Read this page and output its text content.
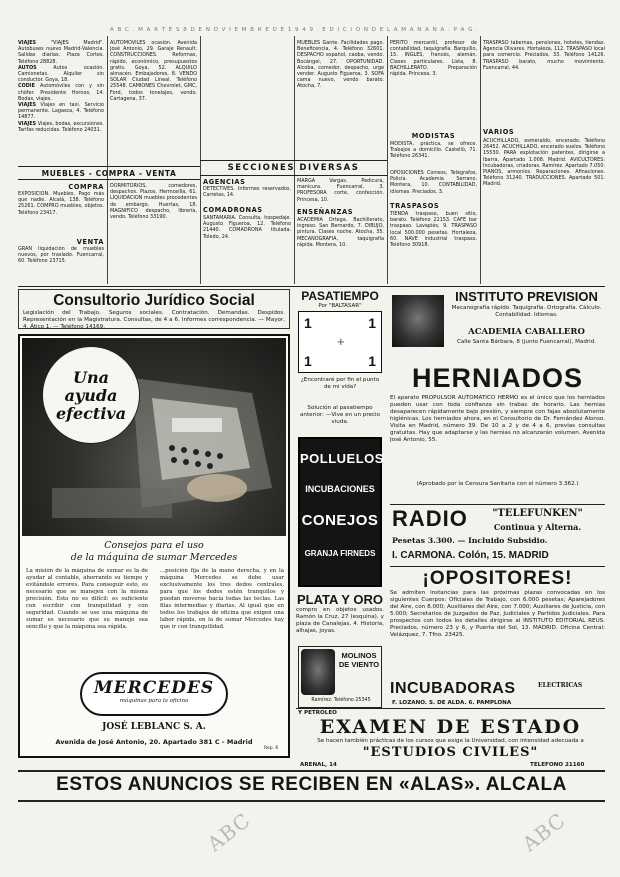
A B C . M A R T E S 8 D E N O V I E M B R E D E 1 9 4 9 . E D I C I O N D E L A M A Ñ A N A . P A G .

VIAJES	"VIAJES Madrid". Autobuses nuevo Madrid-Valencia. Salidas diarias. Plaza Cortes. Teléfono 28828.

AUTOS	Autos ocasión. Camionetas. Alquiler sin conductor. Goya, 18.

CODIE Automóviles con y sin chófer. Presidente Hornos, 14. Bodas, viajes.

VIAJES Viajes en taxi. Servicio permanente. Lagasca, 4. Teléfono 14877.

VIAJES Viajes, bodas, excursiones. Tarifas reducidas. Teléfono 24031.

AUTOMOVILES ocasión. Avenida José Antonio, 29. Garaje Renault. CONSTRUCCIONES. Reformas, rápido, económico, presupuestos gratis. Goya, 52. ALQUILO almacén. Embajadores, 8. VENDO SOLAR Ciudad Lineal. Teléfono 25548. CAMIONES Chevrolet, GMC, Ford, todos tonelajes, vendo. Cartagena, 37.

MUEBLES Gante. Facilidades pago. Beneficencia, 4. Teléfono 32601. DESPACHO español, caoba, vendo. Bocángel, 27. OPORTUNIDAD. Alcoba, comedor, despacho, urge vender. Augusto Figueroa, 3. SOFA cama nuevo, vendo barato. Atocha, 7.

PERITO mercantil, profesor de contabilidad, taquigrafía. Barquillo, 15. INGLES, francés, alemán. Clases particulares. Lista, 8. BACHILLERATO. Preparación rápida. Princesa, 3.

MODISTAS

MODISTA, práctica, se ofrece. Trabajos a domicilio. Castelló, 71. Teléfono 26341.

TRASPASO tabernas, pensiones, hoteles, tiendas. Agencia Olivares. Hortaleza, 112. TRASPASO local para comercio. Preciados, 33. Teléfono 14126. TRASPASO barato, mucho movimiento. Fuencarral, 44.

VARIOS

ACUCHILLADO, esmeraldo, encerado. Teléfono 26452. ACUCHILLADO, encerado suelos. Teléfono 15530. PARA explotación patentes, dirigirse a Ibarra, Apartado 1.008. Madrid. AVICULTORES: Incubadoras, criadoras. Ramírez. Apartado 7.050. PIANOS, armonios. Reparaciones. Afinaciones. Teléfono 31240. TRADUCCIONES. Apartado 501. Madrid.

MUEBLES - COMPRA - VENTA
COMPRA

EXPOSICION. Muebles. Pago más que nadie. Alcalá, 138. Teléfono 25261. COMPRO muebles, objetos. Teléfono 23417.

VENTA

GRAN liquidación de muebles nuevos, por traslado. Fuencarral, 60. Teléfono 23715.

DORMITORIOS, comedores, despachos. Plazos. Hermosilla, 61. LIQUIDACION muebles procedentes de embargo. Huertas, 18. MAGNIFICO despacho, librería, vendo. Teléfono 33190.

SECCIONES DIVERSAS
AGENCIAS

DETECTIVES. Informes reservados. Carretas, 14.

COMADRONAS

SANTAMARIA. Consulta, hospedaje. Augusto Figueroa, 12. Teléfono 21440. COMADRONA titulada. Toledo, 24.

MARGA Vargas. Pedicura, manicura. Fuencarral, 3. PROFESORA corte, confección. Princesa, 10.

ENSEÑANZAS

ACADEMIA Ortega. Bachillerato, ingreso. San Bernardo, 7. DIBUJO, pintura. Clases noche. Atocha, 35. MECANOGRAFIA, taquigrafía rápida. Montera, 10.

OPOSICIONES Correos, Telégrafos, Policía. Academia Serrano. Montera, 10. CONTABILIDAD, idiomas. Preciados, 3.

TRASPASOS

TIENDA traspaso, buen sitio, barato. Teléfono 22153. CAFE bar traspaso. Lavapiés, 9. TRASPASO local 500.000 pesetas. Hortaleza, 60. NAVE industrial traspaso. Teléfono 30918.

Consultorio Jurídico Social
Legislación del Trabajo. Seguros sociales. Contratación. Demandas. Despidos. Representación en la Magistratura. Consultas, de 4 a 6. Informes correspondencia. — Mayor, 4. Ático 1. — Teléfono 14169.
Una ayuda efectiva
Consejos para el uso
de la máquina de sumar Mercedes
La misión de la máquina de sumar es la de ayudar al contable, ahorrando su tiempo y evitándole errores. Para conseguir esto, es necesario que se manejen con la misma precisión. Esto no es difícil: es suficiente con escribir con tranquilidad y con seguridad. Cuando se use una máquina de sumar es necesario que su manejo sea sencillo y que la máquina sea rápida.
...posición fija de la mano derecha, y en la máquina Mercedes se debe usar exclusivamente los tres dedos centrales, para que los dedos estén tranquilos y puedan moverse hacia todas las teclas. Las filas intermedias y diarias. Al igual que en todos los trabajos de oficina que exigen una labor rápida, en la de sumar Mercedes hay que ir con tranquilidad.
MERCEDES
máquinas para la oficina
JOSÉ LEBLANC S. A.
Avenida de José Antonio, 20. Apartado 381 C - Madrid
Rep. 6
PASATIEMPO
Por "BALTASAR"
1	1
1	1
+
¿Encontraré por fin el punto de mi vida?
Solución al pasatiempo anterior: —Vive en un precio viuda.
POLLUELOS
INCUBACIONES
CONEJOS
GRANJA FIRNEDS
PLATA Y ORO
compro en objetos usados. Ramón la Cruz, 27 (esquina), y plaza de Canalejas, 4. Historia, alhajas, joyas.
MOLINOS DE VIENTO
Ramírez. Teléfono 25345
INSTITUTO PREVISION
Mecanografía rápido. Taquigrafía. Ortografía. Cálculo. Contabilidad. Idiomas.
ACADEMIA CABALLERO
Calle Santa Bárbara, 8 (junto Fuencarral), Madrid.
HERNIADOS
El aparato PROPULSOR AUTOMATICO HERMO es el único que los herniados pueden usar con toda confianza sin trabas de horario. Las hernias desaparecen rápidamente bajo presión, y siempre con fajas absolutamente higiénicas. Los herniados ahora, en el Consultorio de Dr. Fernández Alonso. Visita en Madrid, número 39. De 10 a 2 y de 4 a 6, previas consultas gratuitas. Hay que adaptarse y las hernias no alcanzarán volumen. Avenida José Antonio, 55.
(Aprobado por la Censura Sanitaria con el número 3.362.)
RADIO	"TELEFUNKEN"
Continua y Alterna.
Pesetas 3.300. — Incluido Subsidio.
I. CARMONA. Colón, 15. MADRID
¡OPOSITORES!
Se admiten instancias para las próximas plazas convocadas en los siguientes Cuerpos: Oficiales de Trabajo, con 6.000 pesetas; Aparejadores del Aire, con 8.000; Auxiliares del Aire, con 7.000; Auxiliares de Justicia, con 5.000; Secretarios de Juzgados de Paz, Judiciales y Partidos Judiciales. Para prospectos con todos los detalles dirigirse al INSTITUTO EDITORIAL REUS. Preciados, número 23 y 6, y Puerta del Sol, 13. MADRID. Oficina Central: Velázquez, 7. Tfno. 23425.
Y PETROLEO
INCUBADORAS	ELECTRICAS
F. LOZANO. S. DE ALDA. 6. PAMPLONA
EXAMEN DE ESTADO
Se hacen también prácticas de los cursos que exige la Universidad, con intensidad adecuada a
"ESTUDIOS CIVILES"
ARENAL, 14	TELEFONO 21160
ESTOS ANUNCIOS SE RECIBEN EN «ALAS». ALCALA
ABC	ABC
